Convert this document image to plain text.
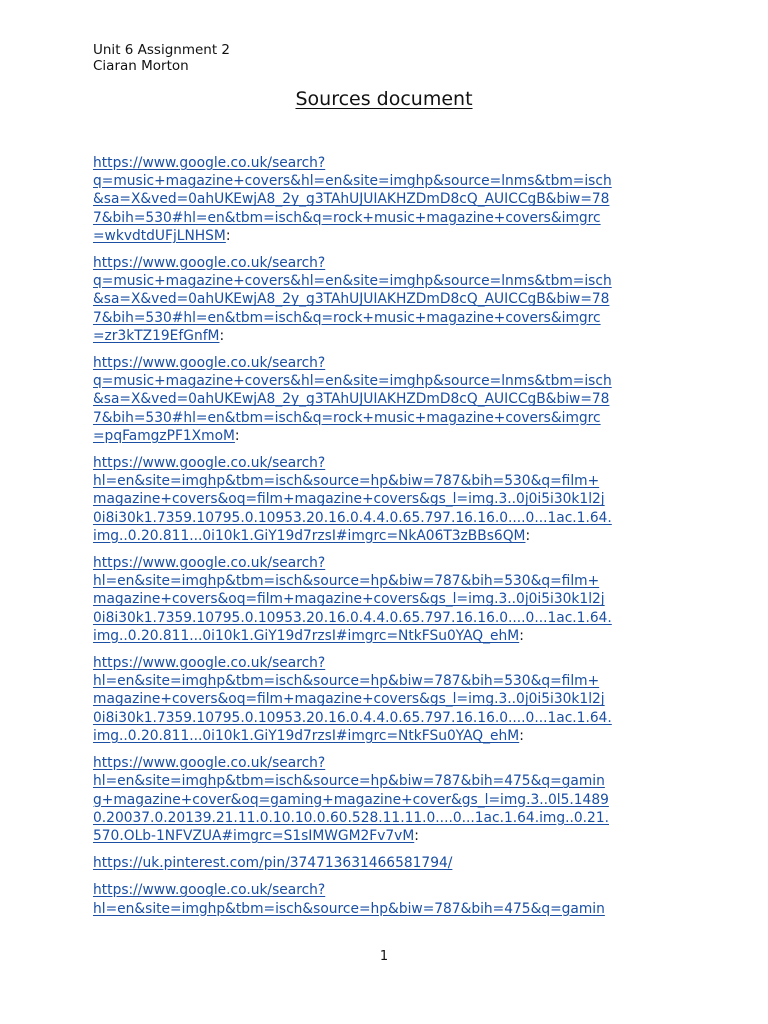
Unit 6 Assignment 2
Ciaran Morton
Sources document
https://www.google.co.uk/search?
q=music+magazine+covers&hl=en&site=imghp&source=lnms&tbm=isch
&sa=X&ved=0ahUKEwjA8_2y_g3TAhUJUIAKHZDmD8cQ_AUICCgB&biw=78
7&bih=530#hl=en&tbm=isch&q=rock+music+magazine+covers&imgrc
=wkvdtdUFjLNHSM:
https://www.google.co.uk/search?
q=music+magazine+covers&hl=en&site=imghp&source=lnms&tbm=isch
&sa=X&ved=0ahUKEwjA8_2y_g3TAhUJUIAKHZDmD8cQ_AUICCgB&biw=78
7&bih=530#hl=en&tbm=isch&q=rock+music+magazine+covers&imgrc
=zr3kTZ19EfGnfM:
https://www.google.co.uk/search?
q=music+magazine+covers&hl=en&site=imghp&source=lnms&tbm=isch
&sa=X&ved=0ahUKEwjA8_2y_g3TAhUJUIAKHZDmD8cQ_AUICCgB&biw=78
7&bih=530#hl=en&tbm=isch&q=rock+music+magazine+covers&imgrc
=pqFamgzPF1XmoM:
https://www.google.co.uk/search?
hl=en&site=imghp&tbm=isch&source=hp&biw=787&bih=530&q=film+
magazine+covers&oq=film+magazine+covers&gs_l=img.3..0j0i5i30k1l2j
0i8i30k1.7359.10795.0.10953.20.16.0.4.4.0.65.797.16.16.0....0...1ac.1.64.
img..0.20.811...0i10k1.GiY19d7rzsI#imgrc=NkA06T3zBBs6QM:
https://www.google.co.uk/search?
hl=en&site=imghp&tbm=isch&source=hp&biw=787&bih=530&q=film+
magazine+covers&oq=film+magazine+covers&gs_l=img.3..0j0i5i30k1l2j
0i8i30k1.7359.10795.0.10953.20.16.0.4.4.0.65.797.16.16.0....0...1ac.1.64.
img..0.20.811...0i10k1.GiY19d7rzsI#imgrc=NtkFSu0YAQ_ehM:
https://www.google.co.uk/search?
hl=en&site=imghp&tbm=isch&source=hp&biw=787&bih=530&q=film+
magazine+covers&oq=film+magazine+covers&gs_l=img.3..0j0i5i30k1l2j
0i8i30k1.7359.10795.0.10953.20.16.0.4.4.0.65.797.16.16.0....0...1ac.1.64.
img..0.20.811...0i10k1.GiY19d7rzsI#imgrc=NtkFSu0YAQ_ehM:
https://www.google.co.uk/search?
hl=en&site=imghp&tbm=isch&source=hp&biw=787&bih=475&q=gamin
g+magazine+cover&oq=gaming+magazine+cover&gs_l=img.3..0l5.1489
0.20037.0.20139.21.11.0.10.10.0.60.528.11.11.0....0...1ac.1.64.img..0.21.
570.OLb-1NFVZUA#imgrc=S1sIMWGM2Fv7vM:
https://uk.pinterest.com/pin/374713631466581794/
https://www.google.co.uk/search?
hl=en&site=imghp&tbm=isch&source=hp&biw=787&bih=475&q=gamin
1
